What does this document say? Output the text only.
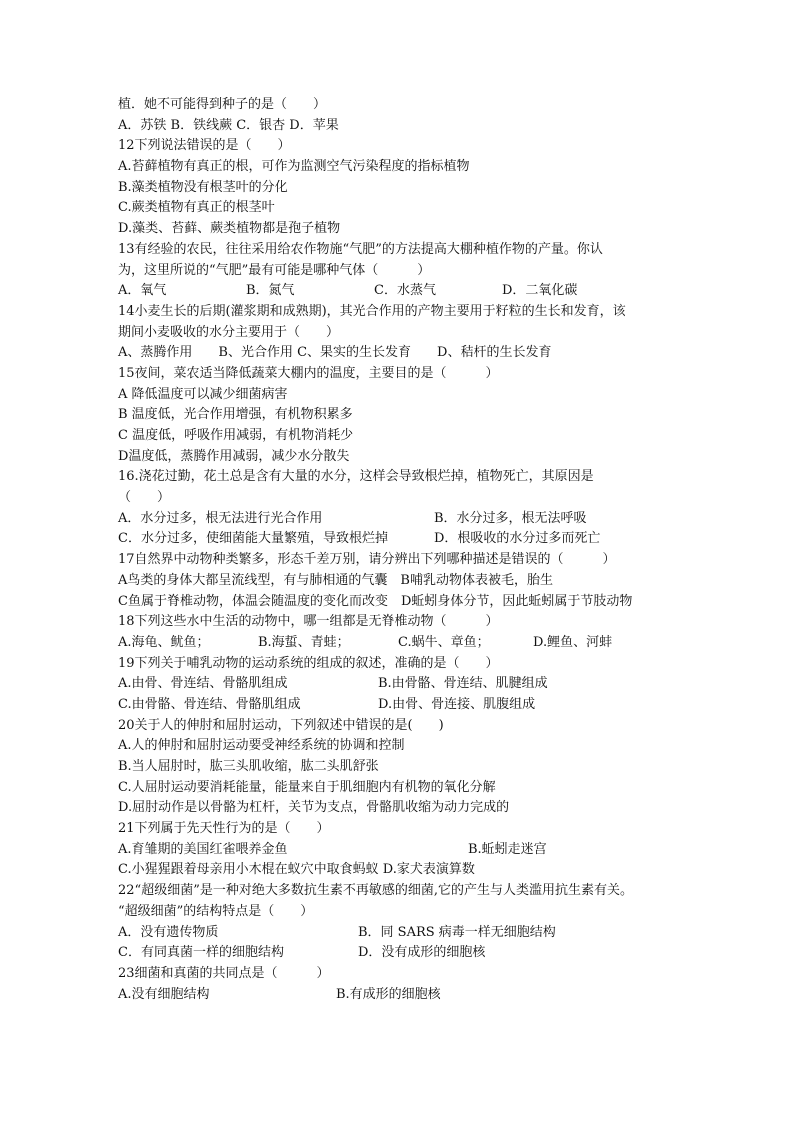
植．她不可能得到种子的是（　　）
A．苏铁 B．铁线蕨 C．银杏 D．苹果
12下列说法错误的是（　　）
A.苔藓植物有真正的根，可作为监测空气污染程度的指标植物
B.藻类植物没有根茎叶的分化
C.蕨类植物有真正的根茎叶
D.藻类、苔藓、蕨类植物都是孢子植物
13有经验的农民，往往采用给农作物施“气肥”的方法提高大棚种植作物的产量。你认
为，这里所说的“气肥”最有可能是哪种气体（　　　）
A．氧气	B．氮气	C．水蒸气	D．二氧化碳
14小麦生长的后期(灌浆期和成熟期)，其光合作用的产物主要用于籽粒的生长和发育，该
期间小麦吸收的水分主要用于（　　）
A、蒸腾作用　　B、光合作用 C、果实的生长发育　　D、秸杆的生长发育
15夜间，菜农适当降低蔬菜大棚内的温度，主要目的是（　　　）
A 降低温度可以减少细菌病害
B 温度低，光合作用增强，有机物积累多
C 温度低，呼吸作用减弱，有机物消耗少
D温度低，蒸腾作用减弱，减少水分散失
16.浇花过勤，花土总是含有大量的水分，这样会导致根烂掉，植物死亡，其原因是
（　　）
A．水分过多，根无法进行光合作用	B．水分过多，根无法呼吸
C．水分过多，使细菌能大量繁殖，导致根烂掉	D．根吸收的水分过多而死亡
17自然界中动物种类繁多，形态千差万别，请分辨出下列哪种描述是错误的（　　　）
A鸟类的身体大都呈流线型，有与肺相通的气囊　B哺乳动物体表被毛，胎生
C鱼属于脊椎动物，体温会随温度的变化而改变　D蚯蚓身体分节，因此蚯蚓属于节肢动物
18下列这些水中生活的动物中，哪一组都是无脊椎动物（　　　）
A.海龟、鱿鱼；	B.海蜇、青蛙；	C.蜗牛、章鱼；	D.鲤鱼、河蚌
19下列关于哺乳动物的运动系统的组成的叙述，准确的是（　　）
A.由骨、骨连结、骨骼肌组成	B.由骨骼、骨连结、肌腱组成
C.由骨骼、骨连结、骨骼肌组成	D.由骨、骨连接、肌腹组成
20关于人的伸肘和屈肘运动，下列叙述中错误的是(　　)
A.人的伸肘和屈肘运动要受神经系统的协调和控制
B.当人屈肘时，肱三头肌收缩，肱二头肌舒张
C.人屈肘运动要消耗能量，能量来自于肌细胞内有机物的氧化分解
D.屈肘动作是以骨骼为杠杆，关节为支点，骨骼肌收缩为动力完成的
21下列属于先天性行为的是（　　）
A.育雏期的美国红雀喂养金鱼	B.蚯蚓走迷宫
C.小猩猩跟着母亲用小木棍在蚁穴中取食蚂蚁 D.家犬表演算数
22“超级细菌”是一种对绝大多数抗生素不再敏感的细菌,它的产生与人类滥用抗生素有关。
“超级细菌”的结构特点是（　　）
A．没有遗传物质	B．同 SARS 病毒一样无细胞结构
C．有同真菌一样的细胞结构	D．没有成形的细胞核
23细菌和真菌的共同点是（　　　）
A.没有细胞结构	B.有成形的细胞核
